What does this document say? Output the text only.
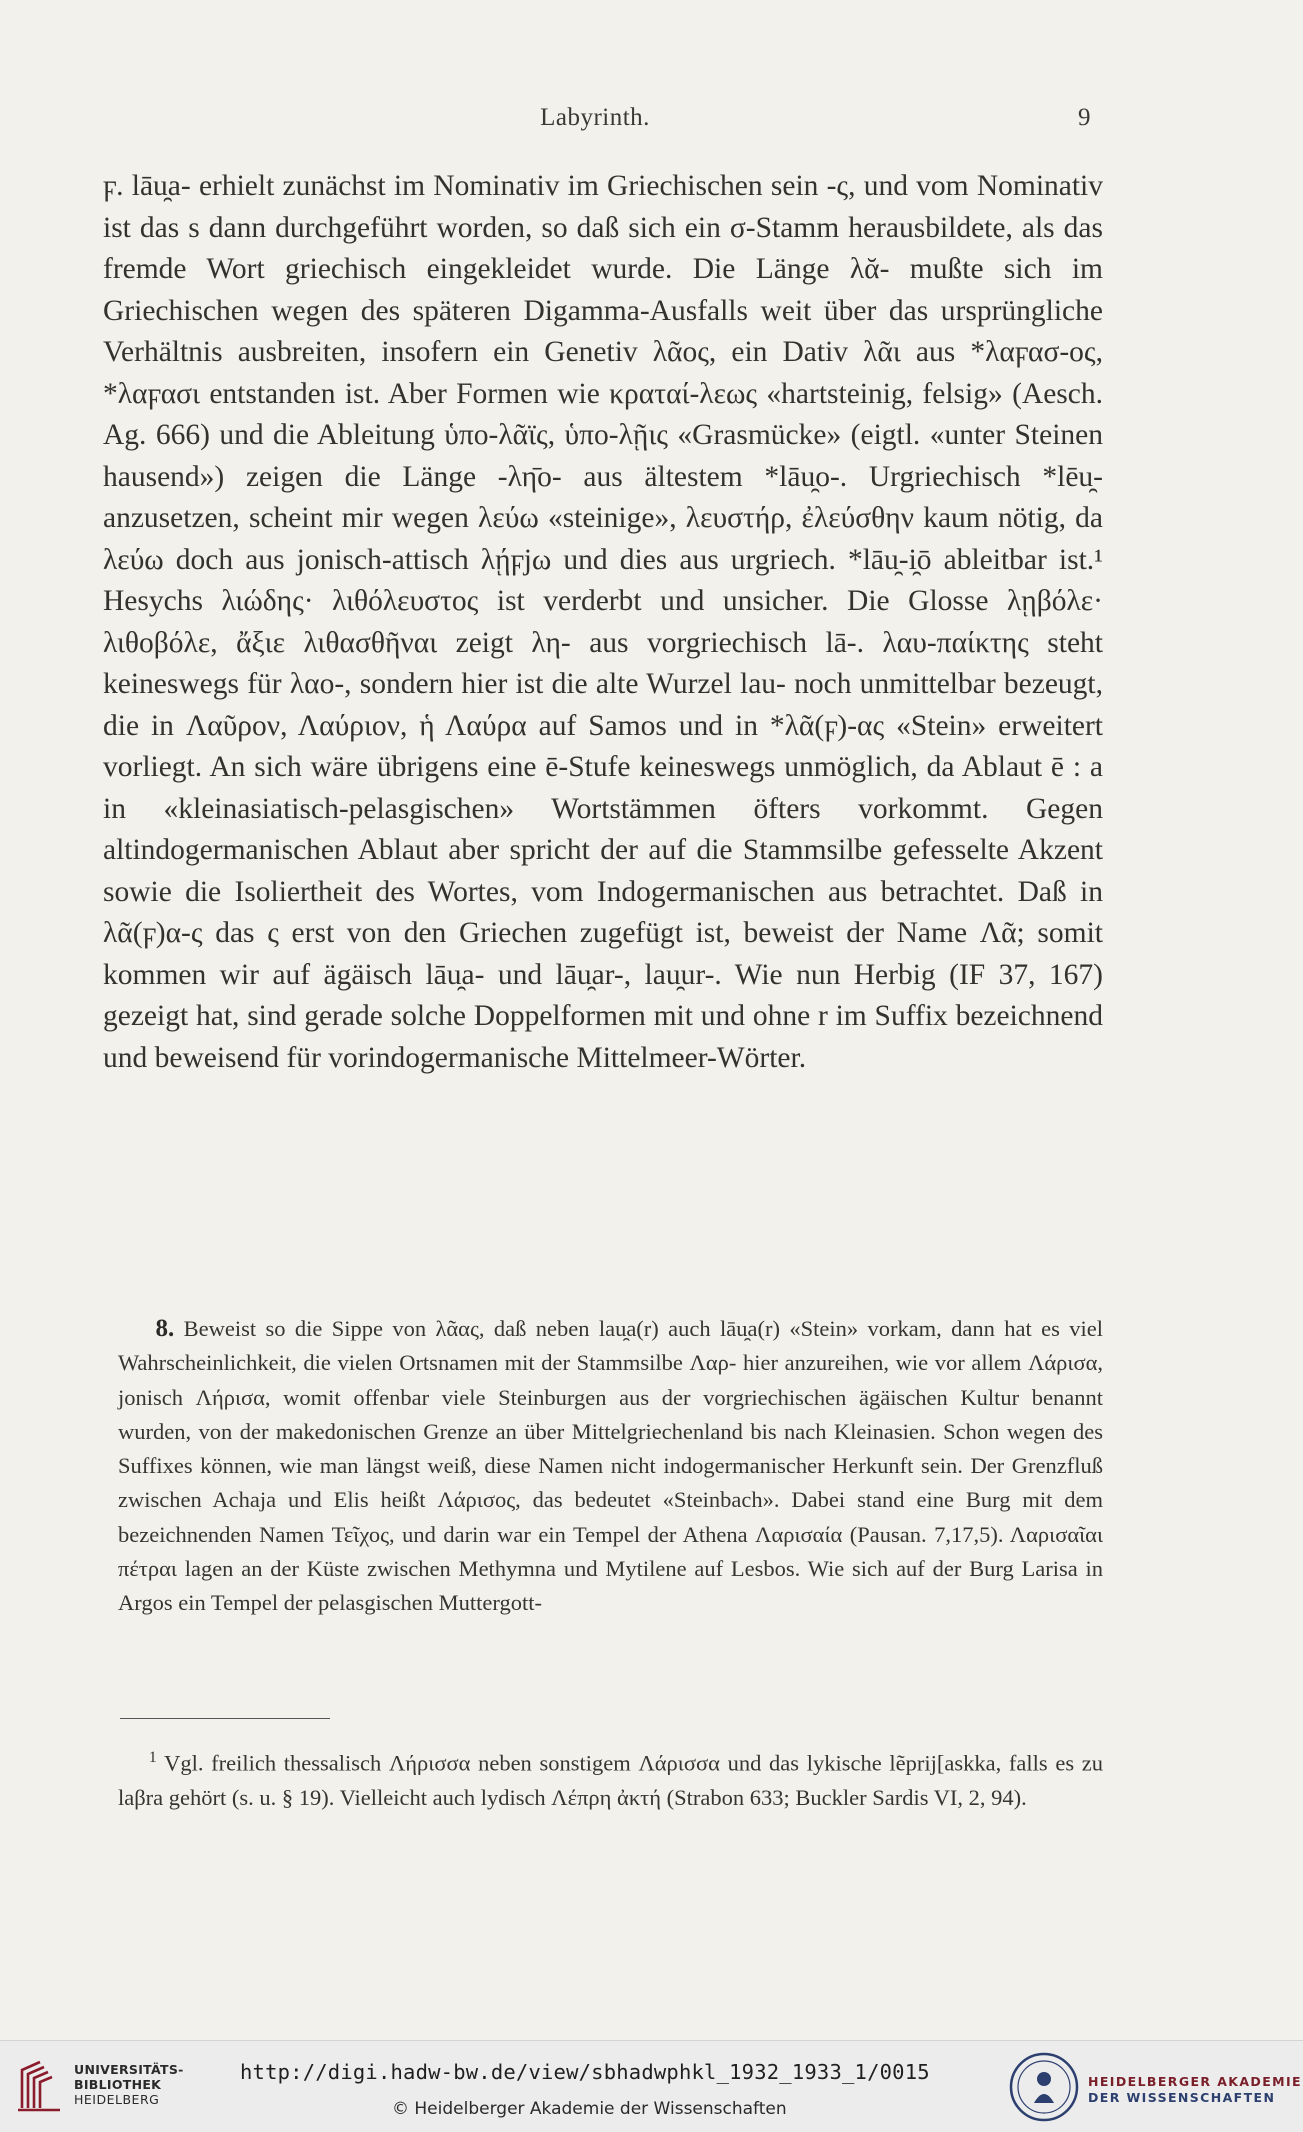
Labyrinth.	9

ϝ. lāu̯a- erhielt zunächst im Nominativ im Griechischen sein -ς, und vom Nominativ ist das s dann durchgeführt worden, so daß sich ein σ-Stamm herausbildete, als das fremde Wort griechisch eingekleidet wurde. Die Länge λᾰ- mußte sich im Griechischen wegen des späteren Digamma-Ausfalls weit über das ursprüngliche Verhältnis ausbreiten, insofern ein Genetiv λᾶος, ein Dativ λᾶι aus *λαϝασ-ος, *λαϝασι entstanden ist. Aber Formen wie κραταί-λεως «hartsteinig, felsig» (Aesch. Ag. 666) und die Ableitung ὑπο-λᾶϊς, ὑπο-λῇις «Grasmücke» (eigtl. «unter Steinen hausend») zeigen die Länge -λη̄ο- aus ältestem *lāu̯o-. Urgriechisch *lēu̯- anzusetzen, scheint mir wegen λεύω «steinige», λευστήρ, ἐλεύσθην kaum nötig, da λεύω doch aus jonisch-attisch λῄϝjω und dies aus urgriech. *lāu̯-i̯ō ableitbar ist.¹ Hesychs λιώδης· λιθόλευστος ist verderbt und unsicher. Die Glosse λῃβόλε· λιθοβόλε, ἄξιε λιθασθῆναι zeigt λη- aus vorgriechisch lā-. λαυ-παίκτης steht keineswegs für λαο-, sondern hier ist die alte Wurzel lau- noch unmittelbar bezeugt, die in Λαῦρον, Λαύριον, ἡ Λαύρα auf Samos und in *λᾶ(ϝ)-ας «Stein» erweitert vorliegt. An sich wäre übrigens eine ē-Stufe keineswegs unmöglich, da Ablaut ē : a in «kleinasiatisch-pelasgischen» Wortstämmen öfters vorkommt. Gegen altindogermanischen Ablaut aber spricht der auf die Stammsilbe gefesselte Akzent sowie die Isoliertheit des Wortes, vom Indogermanischen aus betrachtet. Daß in λᾶ(ϝ)α-ς das ς erst von den Griechen zugefügt ist, beweist der Name Λᾶ; somit kommen wir auf ägäisch lāu̯a- und lāu̯ar-, lau̯ur-. Wie nun Herbig (IF 37, 167) gezeigt hat, sind gerade solche Doppelformen mit und ohne r im Suffix bezeichnend und beweisend für vorindogermanische Mittelmeer-Wörter.

8. Beweist so die Sippe von λᾶας, daß neben lau̯a(r) auch lāu̯a(r) «Stein» vorkam, dann hat es viel Wahrscheinlichkeit, die vielen Ortsnamen mit der Stammsilbe Λαρ- hier anzureihen, wie vor allem Λάρισα, jonisch Λήρισα, womit offenbar viele Steinburgen aus der vorgriechischen ägäischen Kultur benannt wurden, von der makedonischen Grenze an über Mittelgriechenland bis nach Kleinasien. Schon wegen des Suffixes können, wie man längst weiß, diese Namen nicht indogermanischer Herkunft sein. Der Grenzfluß zwischen Achaja und Elis heißt Λάρισος, das bedeutet «Steinbach». Dabei stand eine Burg mit dem bezeichnenden Namen Τεῖχος, und darin war ein Tempel der Athena Λαρισαία (Pausan. 7,17,5). Λαρισαῖαι πέτραι lagen an der Küste zwischen Methymna und Mytilene auf Lesbos. Wie sich auf der Burg Larisa in Argos ein Tempel der pelasgischen Muttergott-

$^1$ Vgl. freilich thessalisch Λήρισσα neben sonstigem Λάρισσα und das lykische lẽprij[askka, falls es zu laβra gehört (s. u. § 19). Vielleicht auch lydisch Λέπρη ἀκτή (Strabon 633; Buckler Sardis VI, 2, 94).

UNIVERSITÄTS-
BIBLIOTHEK
HEIDELBERG
http://digi.hadw-bw.de/view/sbhadwphkl_1932_1933_1/0015
© Heidelberger Akademie der Wissenschaften
HEIDELBERGER AKADEMIE
DER WISSENSCHAFTEN
